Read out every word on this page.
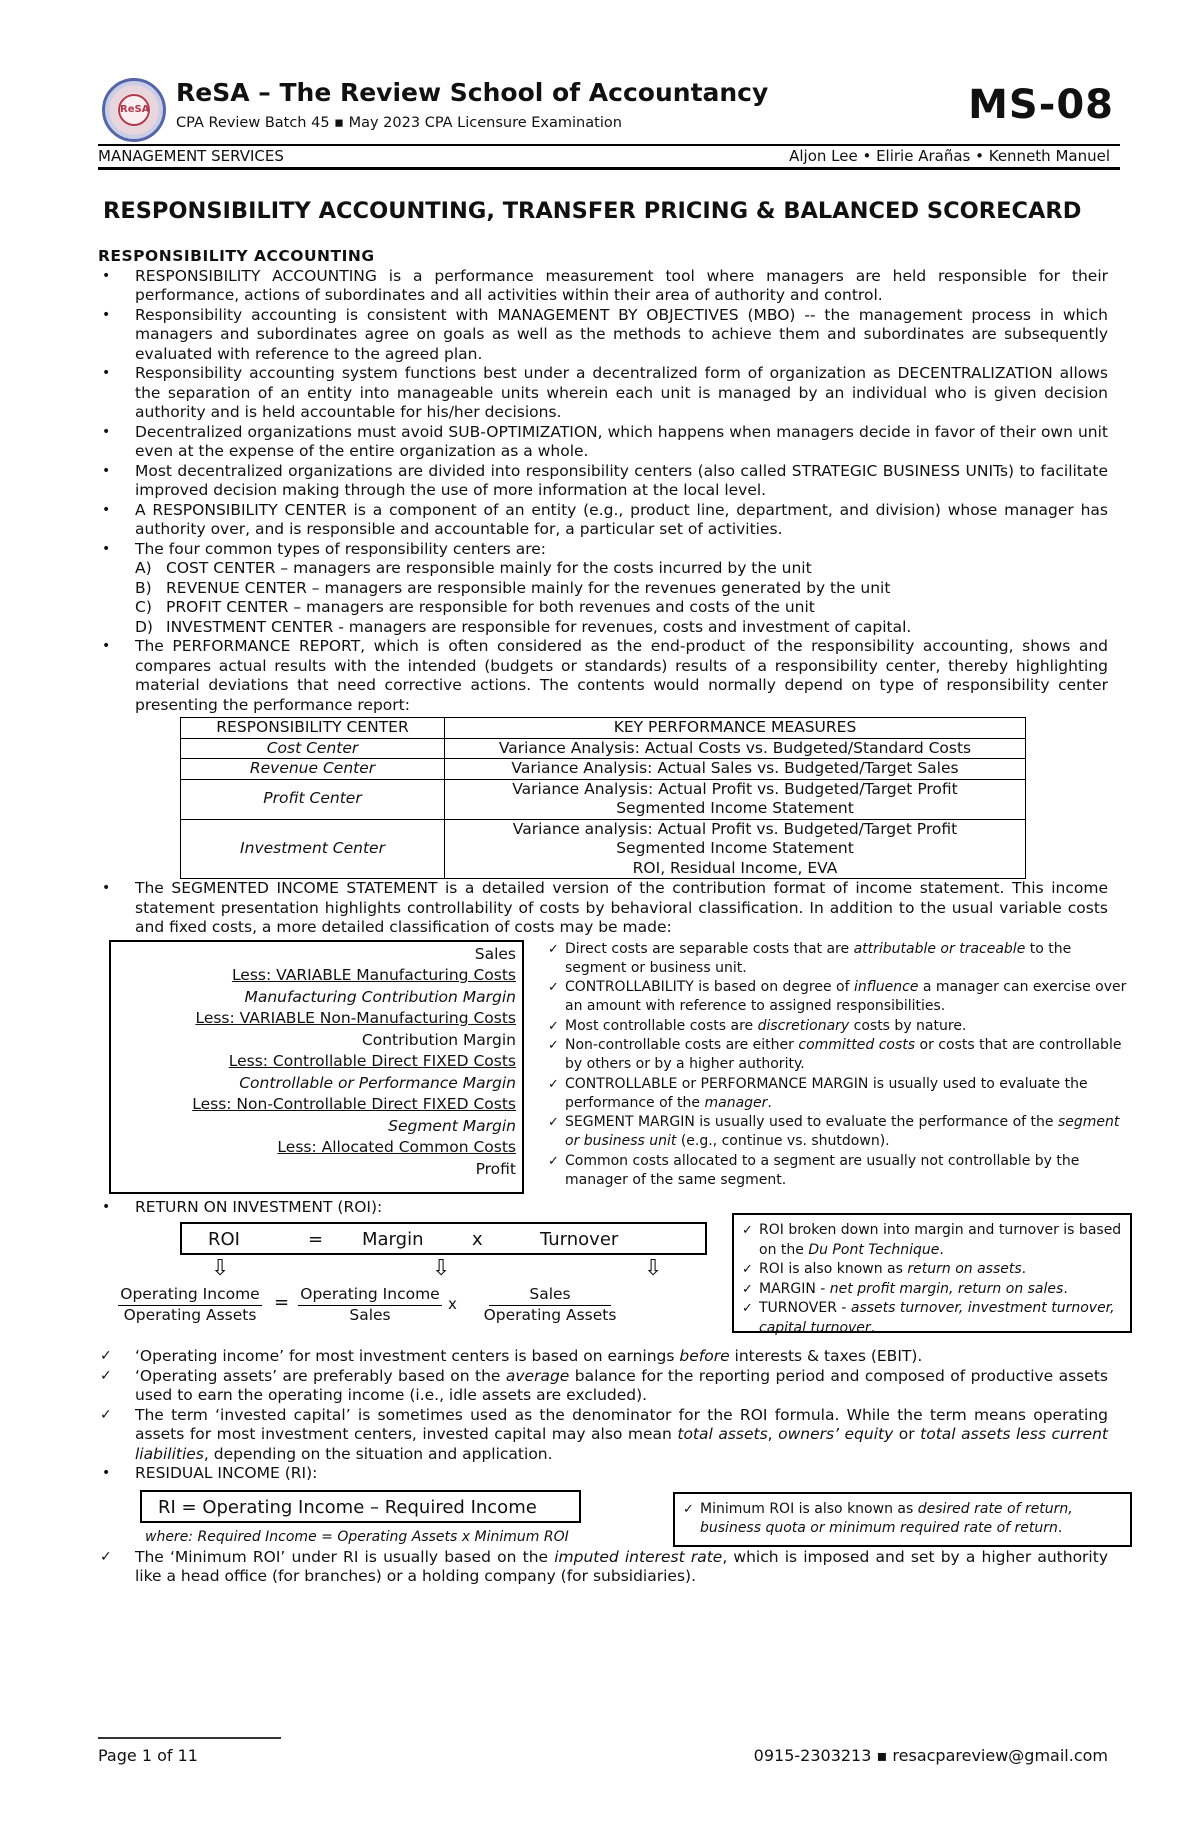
ReSA
ReSA – The Review School of Accountancy
CPA Review Batch 45 ▪ May 2023 CPA Licensure Examination	MS-08
MANAGEMENT SERVICES	Aljon Lee • Elirie Arañas • Kenneth Manuel
RESPONSIBILITY ACCOUNTING, TRANSFER PRICING & BALANCED SCORECARD
RESPONSIBILITY ACCOUNTING
• RESPONSIBILITY ACCOUNTING is a performance measurement tool where managers are held responsible for their performance, actions of subordinates and all activities within their area of authority and control.
• Responsibility accounting is consistent with MANAGEMENT BY OBJECTIVES (MBO) -- the management process in which managers and subordinates agree on goals as well as the methods to achieve them and subordinates are subsequently evaluated with reference to the agreed plan.
• Responsibility accounting system functions best under a decentralized form of organization as DECENTRALIZATION allows the separation of an entity into manageable units wherein each unit is managed by an individual who is given decision authority and is held accountable for his/her decisions.
• Decentralized organizations must avoid SUB-OPTIMIZATION, which happens when managers decide in favor of their own unit even at the expense of the entire organization as a whole.
• Most decentralized organizations are divided into responsibility centers (also called STRATEGIC BUSINESS UNITs) to facilitate improved decision making through the use of more information at the local level.
• A RESPONSIBILITY CENTER is a component of an entity (e.g., product line, department, and division) whose manager has authority over, and is responsible and accountable for, a particular set of activities.
• The four common types of responsibility centers are:
A) COST CENTER – managers are responsible mainly for the costs incurred by the unit
B) REVENUE CENTER – managers are responsible mainly for the revenues generated by the unit
C) PROFIT CENTER – managers are responsible for both revenues and costs of the unit
D) INVESTMENT CENTER - managers are responsible for revenues, costs and investment of capital.
• The PERFORMANCE REPORT, which is often considered as the end-product of the responsibility accounting, shows and compares actual results with the intended (budgets or standards) results of a responsibility center, thereby highlighting material deviations that need corrective actions. The contents would normally depend on type of responsibility center presenting the performance report:
RESPONSIBILITY CENTER	KEY PERFORMANCE MEASURES
Cost Center	Variance Analysis: Actual Costs vs. Budgeted/Standard Costs

Revenue Center	Variance Analysis: Actual Sales vs. Budgeted/Target Sales

Profit Center	Variance Analysis: Actual Profit vs. Budgeted/Target Profit
Segmented Income Statement

Investment Center	Variance analysis: Actual Profit vs. Budgeted/Target Profit
Segmented Income Statement
ROI, Residual Income, EVA
• The SEGMENTED INCOME STATEMENT is a detailed version of the contribution format of income statement. This income statement presentation highlights controllability of costs by behavioral classification. In addition to the usual variable costs and fixed costs, a more detailed classification of costs may be made:
Sales
Less: VARIABLE Manufacturing Costs
Manufacturing Contribution Margin
Less: VARIABLE Non-Manufacturing Costs
Contribution Margin
Less: Controllable Direct FIXED Costs
Controllable or Performance Margin
Less: Non-Controllable Direct FIXED Costs
Segment Margin
Less: Allocated Common Costs
Profit
✓ Direct costs are separable costs that are attributable or traceable to the segment or business unit.
✓ CONTROLLABILITY is based on degree of influence a manager can exercise over an amount with reference to assigned responsibilities.
✓ Most controllable costs are discretionary costs by nature.
✓ Non-controllable costs are either committed costs or costs that are controllable by others or by a higher authority.
✓ CONTROLLABLE or PERFORMANCE MARGIN is usually used to evaluate the performance of the manager.
✓ SEGMENT MARGIN is usually used to evaluate the performance of the segment or business unit (e.g., continue vs. shutdown).
✓ Common costs allocated to a segment are usually not controllable by the manager of the same segment.
• RETURN ON INVESTMENT (ROI):
ROI	= Margin	x	Turnover
⇩	⇩	⇩
Operating Income
Operating Assets
= Operating Income
Sales
x
Sales
Operating Assets
✓ ROI broken down into margin and turnover is based on the Du Pont Technique.
✓ ROI is also known as return on assets.
✓ MARGIN - net profit margin, return on sales.
✓ TURNOVER - assets turnover, investment turnover, capital turnover.
✓ ‘Operating income’ for most investment centers is based on earnings before interests & taxes (EBIT).
✓ ‘Operating assets’ are preferably based on the average balance for the reporting period and composed of productive assets used to earn the operating income (i.e., idle assets are excluded).
✓ The term ‘invested capital’ is sometimes used as the denominator for the ROI formula. While the term means operating assets for most investment centers, invested capital may also mean total assets, owners’ equity or total assets less current liabilities, depending on the situation and application.
• RESIDUAL INCOME (RI):
RI = Operating Income – Required Income
where: Required Income = Operating Assets x Minimum ROI
✓ Minimum ROI is also known as desired rate of return, business quota or minimum required rate of return.
✓ The ‘Minimum ROI’ under RI is usually based on the imputed interest rate, which is imposed and set by a higher authority like a head office (for branches) or a holding company (for subsidiaries).
Page 1 of 11	0915-2303213 ▪ resacpareview@gmail.com
